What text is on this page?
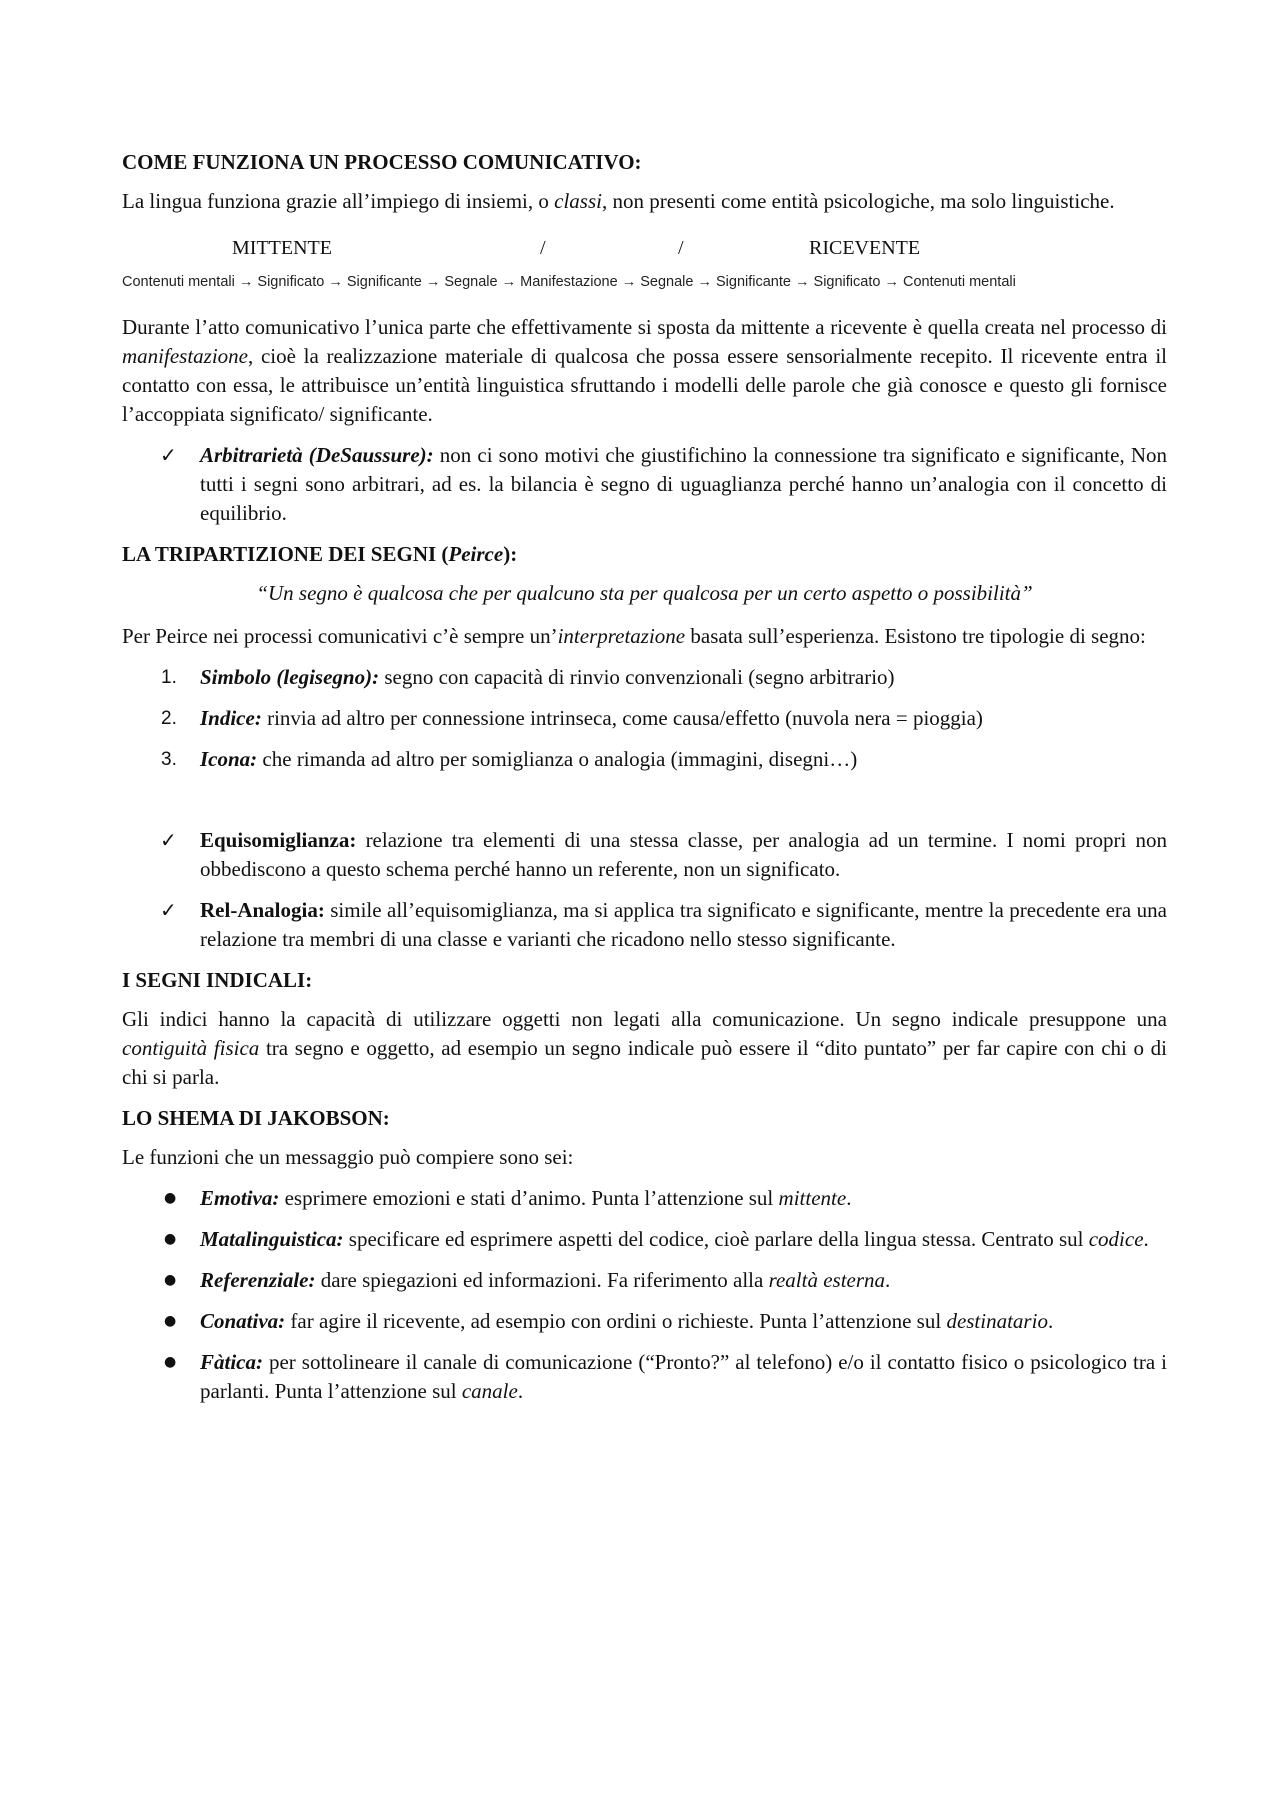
COME FUNZIONA UN PROCESSO COMUNICATIVO:

La lingua funziona grazie all’impiego di insiemi, o classi, non presenti come entità psicologiche, ma solo linguistiche.

MITTENTE	/	/	RICEVENTE
Contenuti mentali → Significato → Significante → Segnale → Manifestazione → Segnale → Significante → Significato → Contenuti mentali

Durante l’atto comunicativo l’unica parte che effettivamente si sposta da mittente a ricevente è quella creata nel processo di manifestazione, cioè la realizzazione materiale di qualcosa che possa essere sensorialmente recepito. Il ricevente entra il contatto con essa, le attribuisce un’entità linguistica sfruttando i modelli delle parole che già conosce e questo gli fornisce l’accoppiata significato/ significante.

✓ Arbitrarietà (DeSaussure): non ci sono motivi che giustifichino la connessione tra significato e significante, Non tutti i segni sono arbitrari, ad es. la bilancia è segno di uguaglianza perché hanno un’analogia con il concetto di equilibrio.
LA TRIPARTIZIONE DEI SEGNI (Peirce):

“Un segno è qualcosa che per qualcuno sta per qualcosa per un certo aspetto o possibilità”

Per Peirce nei processi comunicativi c’è sempre un’interpretazione basata sull’esperienza. Esistono tre tipologie di segno:

1. Simbolo (legisegno): segno con capacità di rinvio convenzionali (segno arbitrario)
2. Indice: rinvia ad altro per connessione intrinseca, come causa/effetto (nuvola nera = pioggia)
3. Icona: che rimanda ad altro per somiglianza o analogia (immagini, disegni…)
✓ Equisomiglianza: relazione tra elementi di una stessa classe, per analogia ad un termine. I nomi propri non obbediscono a questo schema perché hanno un referente, non un significato.
✓ Rel-Analogia: simile all’equisomiglianza, ma si applica tra significato e significante, mentre la precedente era una relazione tra membri di una classe e varianti che ricadono nello stesso significante.
I SEGNI INDICALI:

Gli indici hanno la capacità di utilizzare oggetti non legati alla comunicazione. Un segno indicale presuppone una contiguità fisica tra segno e oggetto, ad esempio un segno indicale può essere il “dito puntato” per far capire con chi o di chi si parla.

LO SHEMA DI JAKOBSON:

Le funzioni che un messaggio può compiere sono sei:

● Emotiva: esprimere emozioni e stati d’animo. Punta l’attenzione sul mittente.
● Matalinguistica: specificare ed esprimere aspetti del codice, cioè parlare della lingua stessa. Centrato sul codice.
● Referenziale: dare spiegazioni ed informazioni. Fa riferimento alla realtà esterna.
● Conativa: far agire il ricevente, ad esempio con ordini o richieste. Punta l’attenzione sul destinatario.
● Fàtica: per sottolineare il canale di comunicazione (“Pronto?” al telefono) e/o il contatto fisico o psicologico tra i parlanti. Punta l’attenzione sul canale.
